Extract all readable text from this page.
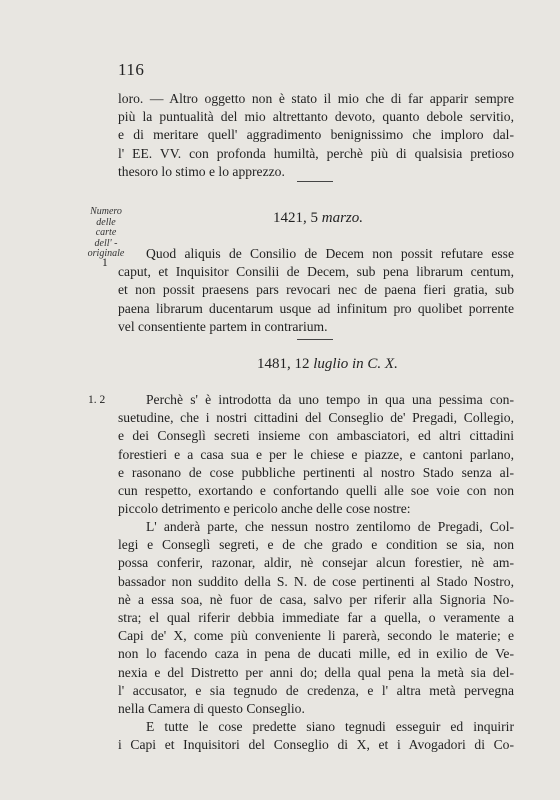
116
loro. — Altro oggetto non è stato il mio che di far apparir sempre
più la puntualità del mio altrettanto devoto, quanto debole servitio,
e di meritare quell' aggradimento benignissimo che imploro dal-
l' EE. VV. con profonda humiltà, perchè più di qualsisia pretioso
thesoro lo stimo e lo apprezzo.
Numero
delle
carte
dell' -
originale
1
1421, 5 marzo.
Quod aliquis de Consilio de Decem non possit refutare esse
caput, et Inquisitor Consilii de Decem, sub pena librarum centum,
et non possit praesens pars revocari nec de paena fieri gratia, sub
paena librarum ducentarum usque ad infinitum pro quolibet porrente
vel consentiente partem in contrarium.
1481, 12 luglio in C. X.
1. 2	Perchè s' è introdotta da uno tempo in qua una pessima con-
suetudine, che i nostri cittadini del Conseglio de' Pregadi, Collegio,
e dei Conseglì secreti insieme con ambasciatori, ed altri cittadini
forestieri e a casa sua e per le chiese e piazze, e cantoni parlano,
e rasonano de cose pubbliche pertinenti al nostro Stado senza al-
cun respetto, exortando e confortando quelli alle soe voie con non
piccolo detrimento e pericolo anche delle cose nostre:
L' anderà parte, che nessun nostro zentilomo de Pregadi, Col-
legi e Conseglì segreti, e de che grado e condition se sia, non
possa conferir, razonar, aldir, nè consejar alcun forestier, nè am-
bassador non suddito della S. N. de cose pertinenti al Stado Nostro,
nè a essa soa, nè fuor de casa, salvo per riferir alla Signoria No-
stra; el qual riferir debbia immediate far a quella, o veramente a
Capi de' X, come più conveniente li parerà, secondo le materie; e
non lo facendo caza in pena de ducati mille, ed in exilio de Ve-
nexia e del Distretto per anni do; della qual pena la metà sia del-
l' accusator, e sia tegnudo de credenza, e l' altra metà pervegna
nella Camera di questo Conseglio.
E tutte le cose predette siano tegnudi esseguir ed inquirir
i Capi et Inquisitori del Conseglio di X, et i Avogadori di Co-
